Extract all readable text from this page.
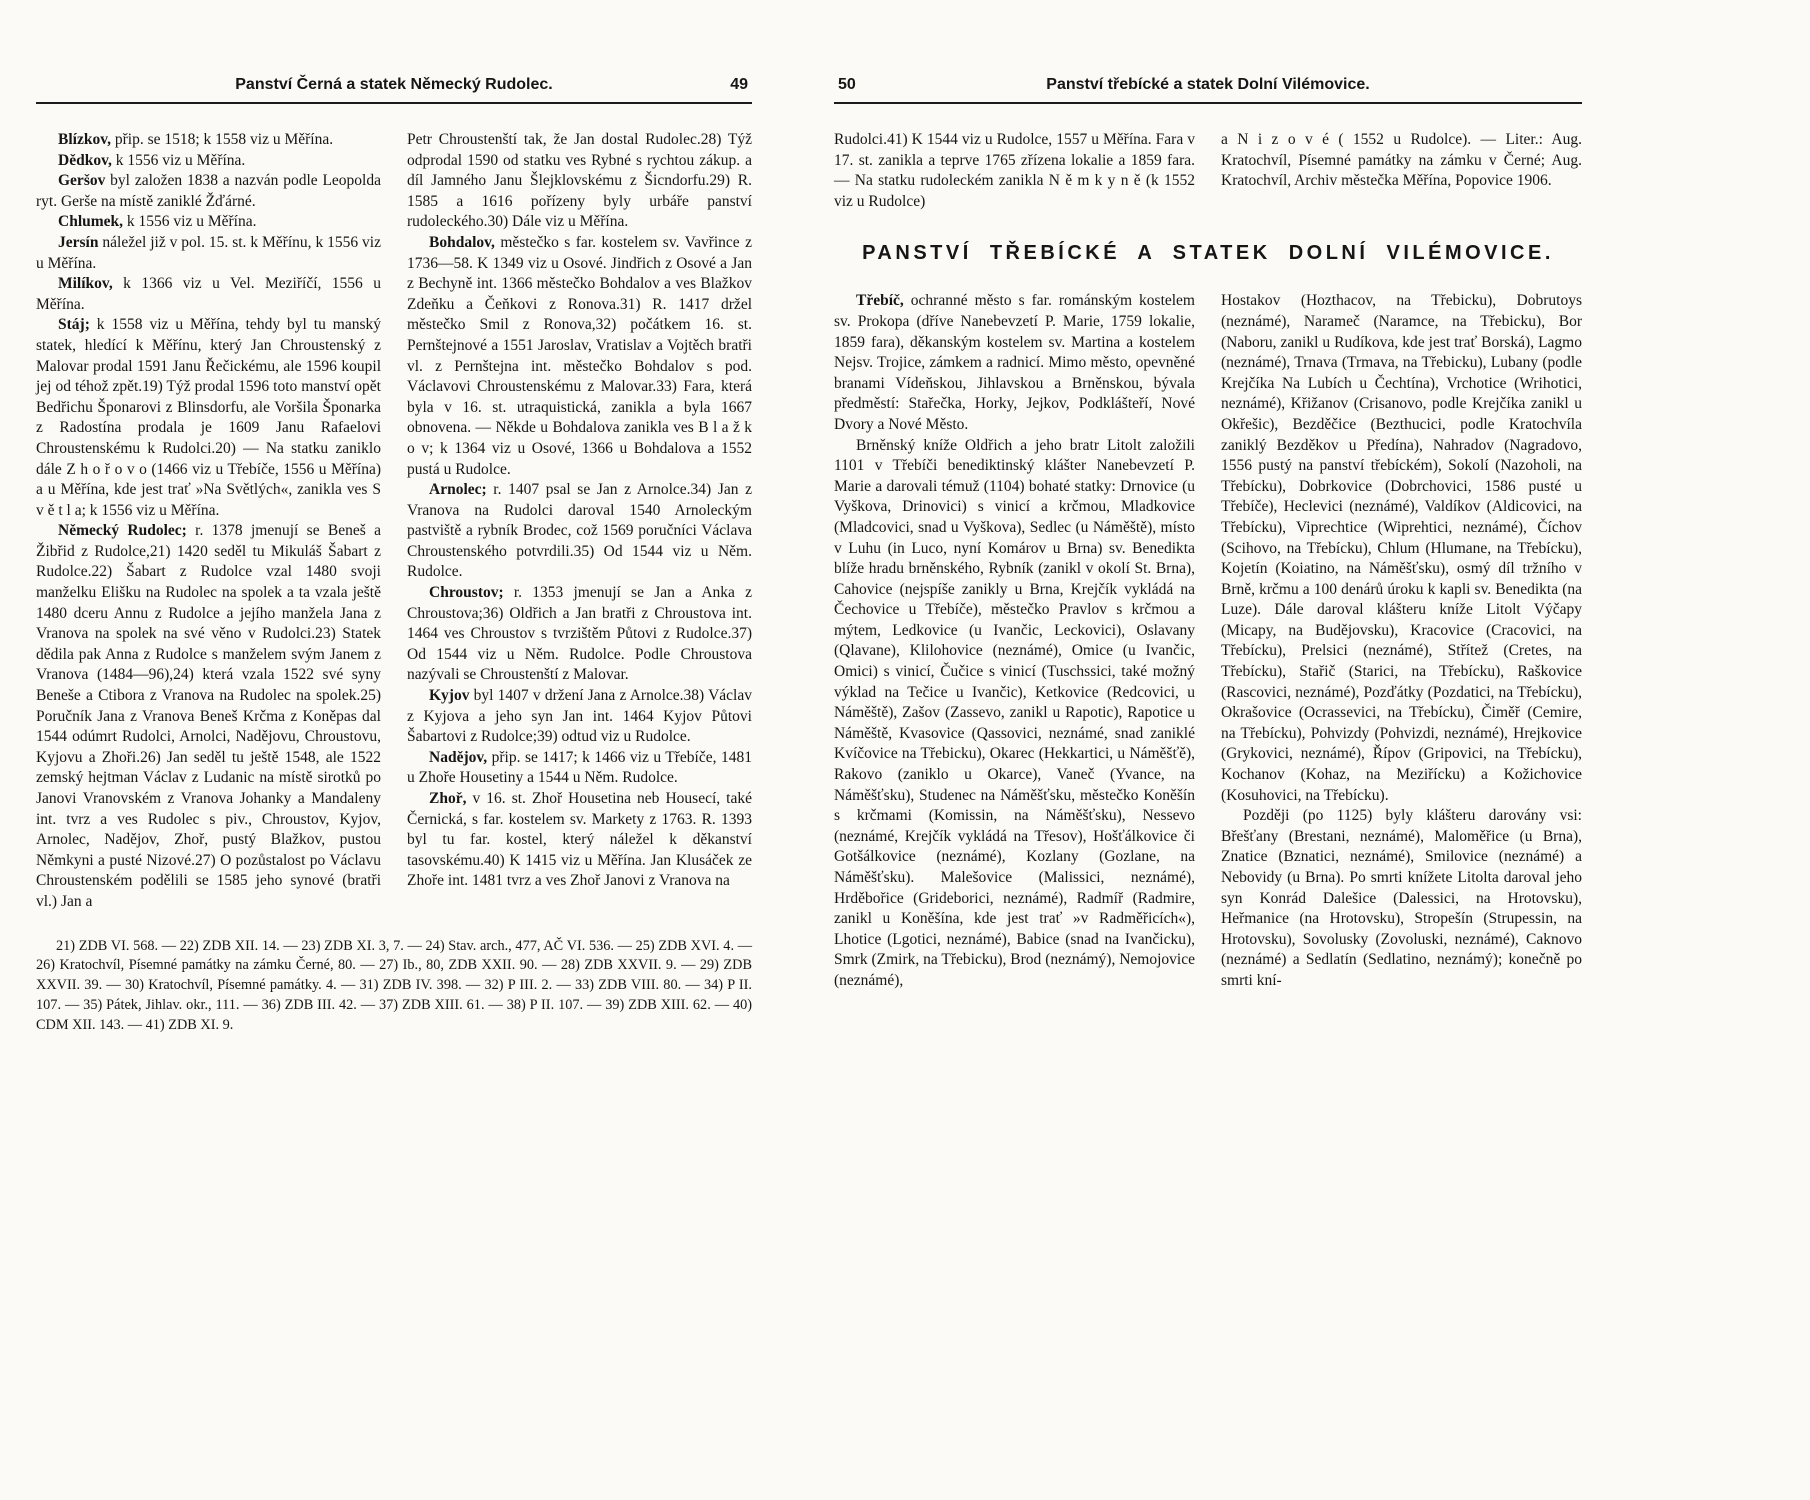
Panství Černá a statek Německý Rudolec.	49

Blízkov, přip. se 1518; k 1558 viz u Měřína.

Dědkov, k 1556 viz u Měřína.

Geršov byl založen 1838 a nazván podle Leopolda ryt. Gerše na místě zaniklé Žďárné.

Chlumek, k 1556 viz u Měřína.

Jersín náležel již v pol. 15. st. k Měřínu, k 1556 viz u Měřína.

Milíkov, k 1366 viz u Vel. Meziříčí, 1556 u Měřína.

Stáj; k 1558 viz u Měřína, tehdy byl tu manský statek, hledící k Měřínu, který Jan Chroustenský z Malovar prodal 1591 Janu Řečickému, ale 1596 koupil jej od téhož zpět.19) Týž prodal 1596 toto manství opět Bedřichu Šponarovi z Blinsdorfu, ale Voršila Šponarka z Radostína prodala je 1609 Janu Rafaelovi Chroustenskému k Rudolci.20) — Na statku zaniklo dále Z h o ř o v o (1466 viz u Třebíče, 1556 u Měřína) a u Měřína, kde jest trať »Na Světlých«, zanikla ves S v ě t l a; k 1556 viz u Měřína.

Německý Rudolec; r. 1378 jmenují se Beneš a Žibřid z Rudolce,21) 1420 seděl tu Mikuláš Šabart z Rudolce.22) Šabart z Rudolce vzal 1480 svoji manželku Elišku na Rudolec na spolek a ta vzala ještě 1480 dceru Annu z Rudolce a jejího manžela Jana z Vranova na spolek na své věno v Rudolci.23) Statek dědila pak Anna z Rudolce s manželem svým Janem z Vranova (1484—96),24) která vzala 1522 své syny Beneše a Ctibora z Vranova na Rudolec na spolek.25) Poručník Jana z Vranova Beneš Krčma z Koněpas dal 1544 odúmrt Rudolci, Arnolci, Nadějovu, Chroustovu, Kyjovu a Zhoři.26) Jan seděl tu ještě 1548, ale 1522 zemský hejtman Václav z Ludanic na místě sirotků po Janovi Vranovském z Vranova Johanky a Mandaleny int. tvrz a ves Rudolec s piv., Chroustov, Kyjov, Arnolec, Nadějov, Zhoř, pustý Blažkov, pustou Němkyni a pusté Nizové.27) O pozůstalost po Václavu Chroustenském podělili se 1585 jeho synové (bratři vl.) Jan a

Petr Chroustenští tak, že Jan dostal Rudolec.28) Týž odprodal 1590 od statku ves Rybné s rychtou zákup. a díl Jamného Janu Šlejklovskému z Šicndorfu.29) R. 1585 a 1616 pořízeny byly urbáře panství rudoleckého.30) Dále viz u Měřína.

Bohdalov, městečko s far. kostelem sv. Vavřince z 1736—58. K 1349 viz u Osové. Jindřich z Osové a Jan z Bechyně int. 1366 městečko Bohdalov a ves Blažkov Zdeňku a Čeňkovi z Ronova.31) R. 1417 držel městečko Smil z Ronova,32) počátkem 16. st. Pernštejnové a 1551 Jaroslav, Vratislav a Vojtěch bratři vl. z Pernštejna int. městečko Bohdalov s pod. Václavovi Chroustenskému z Malovar.33) Fara, která byla v 16. st. utraquistická, zanikla a byla 1667 obnovena. — Někde u Bohdalova zanikla ves B l a ž k o v; k 1364 viz u Osové, 1366 u Bohdalova a 1552 pustá u Rudolce.

Arnolec; r. 1407 psal se Jan z Arnolce.34) Jan z Vranova na Rudolci daroval 1540 Arnoleckým pastviště a rybník Brodec, což 1569 poručníci Václava Chroustenského potvrdili.35) Od 1544 viz u Něm. Rudolce.

Chroustov; r. 1353 jmenují se Jan a Anka z Chroustova;36) Oldřich a Jan bratři z Chroustova int. 1464 ves Chroustov s tvrzištěm Půtovi z Rudolce.37) Od 1544 viz u Něm. Rudolce. Podle Chroustova nazývali se Chroustenští z Malovar.

Kyjov byl 1407 v držení Jana z Arnolce.38) Václav z Kyjova a jeho syn Jan int. 1464 Kyjov Půtovi Šabartovi z Rudolce;39) odtud viz u Rudolce.

Nadějov, přip. se 1417; k 1466 viz u Třebíče, 1481 u Zhoře Housetiny a 1544 u Něm. Rudolce.

Zhoř, v 16. st. Zhoř Housetina neb Housecí, také Černická, s far. kostelem sv. Markety z 1763. R. 1393 byl tu far. kostel, který náležel k děkanství tasovskému.40) K 1415 viz u Měřína. Jan Klusáček ze Zhoře int. 1481 tvrz a ves Zhoř Janovi z Vranova na

21) ZDB VI. 568. — 22) ZDB XII. 14. — 23) ZDB XI. 3, 7. — 24) Stav. arch., 477, AČ VI. 536. — 25) ZDB XVI. 4. — 26) Kratochvíl, Písemné památky na zámku Černé, 80. — 27) Ib., 80, ZDB XXII. 90. — 28) ZDB XXVII. 9. — 29) ZDB XXVII. 39. — 30) Kratochvíl, Písemné památky. 4. — 31) ZDB IV. 398. — 32) P III. 2. — 33) ZDB VIII. 80. — 34) P II. 107. — 35) Pátek, Jihlav. okr., 111. — 36) ZDB III. 42. — 37) ZDB XIII. 61. — 38) P II. 107. — 39) ZDB XIII. 62. — 40) CDM XII. 143. — 41) ZDB XI. 9.
50	Panství třebícké a statek Dolní Vilémovice.

Rudolci.41) K 1544 viz u Rudolce, 1557 u Měřína. Fara v 17. st. zanikla a teprve 1765 zřízena lokalie a 1859 fara. — Na statku rudoleckém zanikla N ě m k y n ě (k 1552 viz u Rudolce)

a N i z o v é ( 1552 u Rudolce). — Liter.: Aug. Kratochvíl, Písemné památky na zámku v Černé; Aug. Kratochvíl, Archiv městečka Měřína, Popovice 1906.

PANSTVÍ TŘEBÍCKÉ A STATEK DOLNÍ VILÉMOVICE.

Třebíč, ochranné město s far. románským kostelem sv. Prokopa (dříve Nanebevzetí P. Marie, 1759 lokalie, 1859 fara), děkanským kostelem sv. Martina a kostelem Nejsv. Trojice, zámkem a radnicí. Mimo město, opevněné branami Vídeňskou, Jihlavskou a Brněnskou, bývala předměstí: Stařečka, Horky, Jejkov, Podklášteří, Nové Dvory a Nové Město.

Brněnský kníže Oldřich a jeho bratr Litolt založili 1101 v Třebíči benediktinský klášter Nanebevzetí P. Marie a darovali témuž (1104) bohaté statky: Drnovice (u Vyškova, Drinovici) s vinicí a krčmou, Mladkovice (Mladcovici, snad u Vyškova), Sedlec (u Náměště), místo v Luhu (in Luco, nyní Komárov u Brna) sv. Benedikta blíže hradu brněnského, Rybník (zanikl v okolí St. Brna), Cahovice (nejspíše zanikly u Brna, Krejčík vykládá na Čechovice u Třebíče), městečko Pravlov s krčmou a mýtem, Ledkovice (u Ivančic, Leckovici), Oslavany (Qlavane), Klilohovice (neznámé), Omice (u Ivančic, Omici) s vinicí, Čučice s vinicí (Tuschssici, také možný výklad na Tečice u Ivančic), Ketkovice (Redcovici, u Náměště), Zašov (Zassevo, zanikl u Rapotic), Rapotice u Náměště, Kvasovice (Qassovici, neznámé, snad zaniklé Kvíčovice na Třebicku), Okarec (Hekkartici, u Náměšťě), Rakovo (zaniklo u Okarce), Vaneč (Yvance, na Náměšťsku), Studenec na Náměšťsku, městečko Koněšín s krčmami (Komissin, na Náměšťsku), Nessevo (neznámé, Krejčík vykládá na Třesov), Hošťálkovice či Gotšálkovice (neznámé), Kozlany (Gozlane, na Náměšťsku). Malešovice (Malissici, neznámé), Hrděbořice (Grideborici, neznámé), Radmíř (Radmire, zanikl u Koněšína, kde jest trať »v Radměřicích«), Lhotice (Lgotici, neznámé), Babice (snad na Ivančicku), Smrk (Zmirk, na Třebicku), Brod (neznámý), Nemojovice (neznámé),

Hostakov (Hozthacov, na Třebicku), Dobrutoys (neznámé), Narameč (Naramce, na Třebicku), Bor (Naboru, zanikl u Rudíkova, kde jest trať Borská), Lagmo (neznámé), Trnava (Trmava, na Třebicku), Lubany (podle Krejčíka Na Lubích u Čechtína), Vrchotice (Wrihotici, neznámé), Křižanov (Crisanovo, podle Krejčíka zanikl u Okřešic), Bezděčice (Bezthucici, podle Kratochvíla zaniklý Bezděkov u Předína), Nahradov (Nagradovo, 1556 pustý na panství třebíckém), Sokolí (Nazoholi, na Třebícku), Dobrkovice (Dobrchovici, 1586 pusté u Třebíče), Heclevici (neznámé), Valdíkov (Aldicovici, na Třebícku), Viprechtice (Wiprehtici, neznámé), Číchov (Scihovo, na Třebícku), Chlum (Hlumane, na Třebícku), Kojetín (Koiatino, na Náměšťsku), osmý díl tržního v Brně, krčmu a 100 denárů úroku k kapli sv. Benedikta (na Luze). Dále daroval klášteru kníže Litolt Výčapy (Micapy, na Budějovsku), Kracovice (Cracovici, na Třebícku), Prelsici (neznámé), Střítež (Cretes, na Třebícku), Stařič (Starici, na Třebícku), Raškovice (Rascovici, neznámé), Pozďátky (Pozdatici, na Třebícku), Okrašovice (Ocrassevici, na Třebícku), Čiměř (Cemire, na Třebícku), Pohvizdy (Pohvizdi, neznámé), Hrejkovice (Grykovici, neznámé), Řípov (Gripovici, na Třebícku), Kochanov (Kohaz, na Meziřícku) a Kožichovice (Kosuhovici, na Třebícku).

Později (po 1125) byly klášteru darovány vsi: Břešťany (Brestani, neznámé), Maloměřice (u Brna), Znatice (Bznatici, neznámé), Smilovice (neznámé) a Nebovidy (u Brna). Po smrti knížete Litolta daroval jeho syn Konrád Dalešice (Dalessici, na Hrotovsku), Heřmanice (na Hrotovsku), Stropešín (Strupessin, na Hrotovsku), Sovolusky (Zovoluski, neznámé), Caknovo (neznámé) a Sedlatín (Sedlatino, neznámý); konečně po smrti kní-
